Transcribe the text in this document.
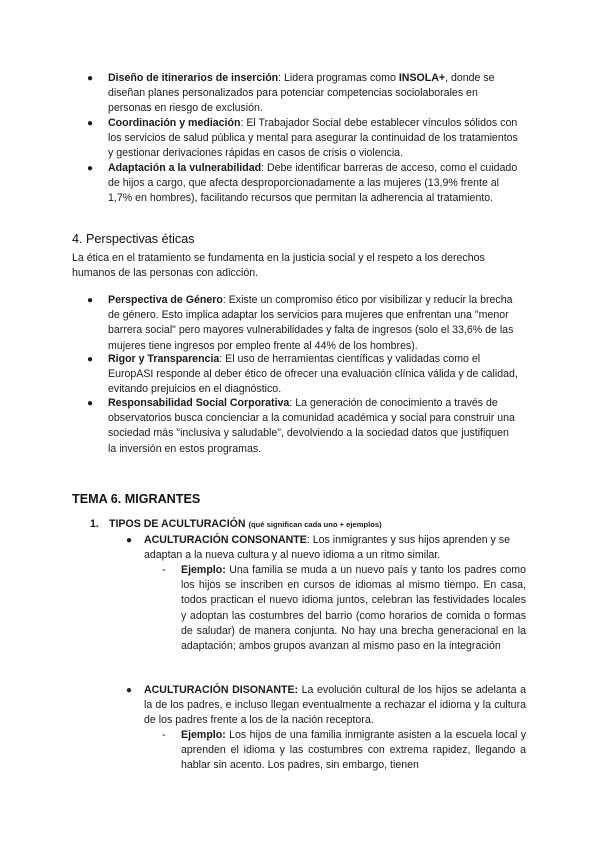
● Diseño de itinerarios de inserción: Lidera programas como INSOLA+, donde se diseñan planes personalizados para potenciar competencias sociolaborales en personas en riesgo de exclusión.

● Coordinación y mediación: El Trabajador Social debe establecer vínculos sólidos con los servicios de salud pública y mental para asegurar la continuidad de los tratamientos y gestionar derivaciones rápidas en casos de crisis o violencia.

● Adaptación a la vulnerabilidad: Debe identificar barreras de acceso, como el cuidado de hijos a cargo, que afecta desproporcionadamente a las mujeres (13,9% frente al 1,7% en hombres), facilitando recursos que permitan la adherencia al tratamiento.

4. Perspectivas éticas

La ética en el tratamiento se fundamenta en la justicia social y el respeto a los derechos humanos de las personas con adicción.

● Perspectiva de Género: Existe un compromiso ético por visibilizar y reducir la brecha de género. Esto implica adaptar los servicios para mujeres que enfrentan una "menor barrera social" pero mayores vulnerabilidades y falta de ingresos (solo el 33,6% de las mujeres tiene ingresos por empleo frente al 44% de los hombres).

● Rigor y Transparencia: El uso de herramientas científicas y validadas como el EuropASI responde al deber ético de ofrecer una evaluación clínica válida y de calidad, evitando prejuicios en el diagnóstico.

● Responsabilidad Social Corporativa: La generación de conocimiento a través de observatorios busca concienciar a la comunidad académica y social para construir una sociedad más "inclusiva y saludable", devolviendo a la sociedad datos que justifiquen la inversión en estos programas.

TEMA 6. MIGRANTES
1. TIPOS DE ACULTURACIÓN (qué significan cada uno + ejemplos)

● ACULTURACIÓN CONSONANTE: Los inmigrantes y sus hijos aprenden y se adaptan a la nueva cultura y al nuevo idioma a un ritmo similar.

- Ejemplo: Una familia se muda a un nuevo país y tanto los padres como los hijos se inscriben en cursos de idiomas al mismo tiempo. En casa, todos practican el nuevo idioma juntos, celebran las festividades locales y adoptan las costumbres del barrio (como horarios de comida o formas de saludar) de manera conjunta. No hay una brecha generacional en la adaptación; ambos grupos avanzan al mismo paso en la integración

● ACULTURACIÓN DISONANTE: La evolución cultural de los hijos se adelanta a la de los padres, e incluso llegan eventualmente a rechazar el idioma y la cultura de los padres frente a los de la nación receptora.

- Ejemplo: Los hijos de una familia inmigrante asisten a la escuela local y aprenden el idioma y las costumbres con extrema rapidez, llegando a hablar sin acento. Los padres, sin embargo, tienen
